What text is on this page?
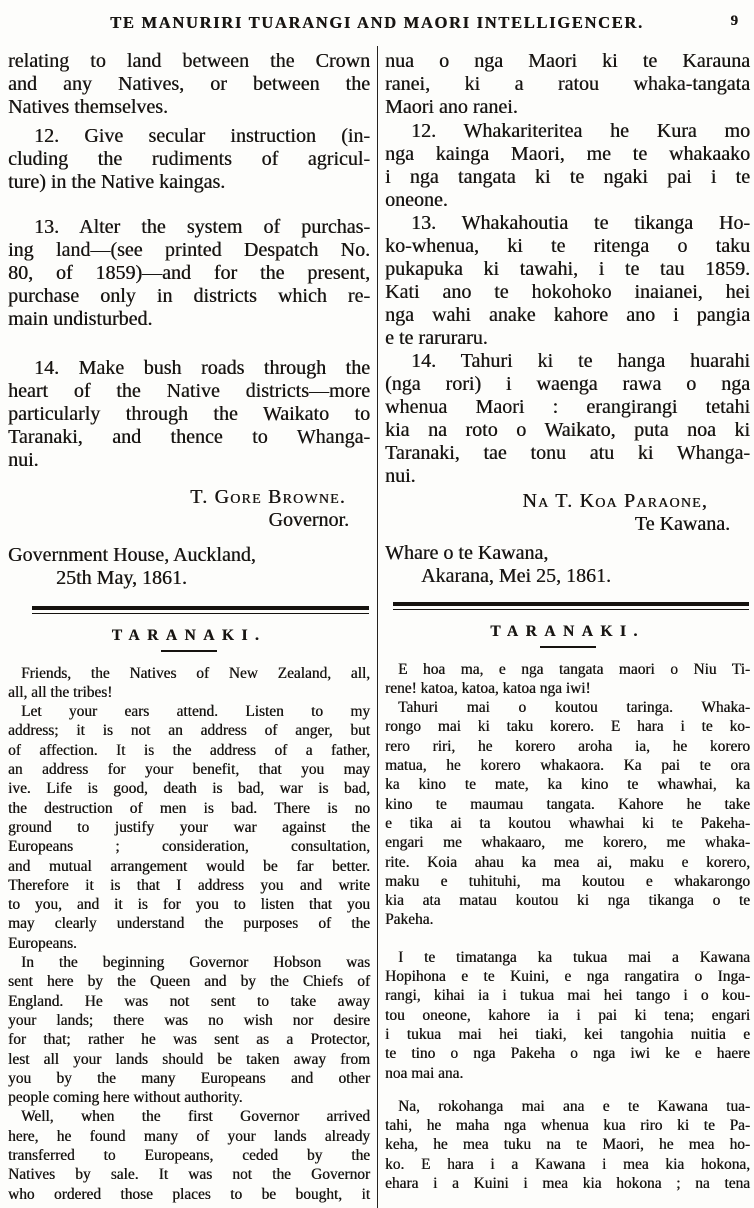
TE MANURIRI TUARANGI AND MAORI INTELLIGENCER.	9
relating to land between the Crown
and any Natives, or between the
Natives themselves.
12. Give secular instruction (in-
cluding the rudiments of agricul-
ture) in the Native kaingas.
13. Alter the system of purchas-
ing land—(see printed Despatch No.
80, of 1859)—and for the present,
purchase only in districts which re-
main undisturbed.
14. Make bush roads through the
heart of the Native districts—more
particularly through the Waikato to
Taranaki, and thence to Whanga-
nui.
T. Gore Browne.
Governor.
Government House, Auckland,
25th May, 1861.
TARANAKI.
Friends, the Natives of New Zealand, all,
all, all the tribes!
Let your ears attend. Listen to my
address; it is not an address of anger, but
of affection. It is the address of a father,
an address for your benefit, that you may
ive. Life is good, death is bad, war is bad,
the destruction of men is bad. There is no
ground to justify your war against the
Europeans ; consideration, consultation,
and mutual arrangement would be far better.
Therefore it is that I address you and write
to you, and it is for you to listen that you
may clearly understand the purposes of the
Europeans.
In the beginning Governor Hobson was
sent here by the Queen and by the Chiefs of
England. He was not sent to take away
your lands; there was no wish nor desire
for that; rather he was sent as a Protector,
lest all your lands should be taken away from
you by the many Europeans and other
people coming here without authority.
Well, when the first Governor arrived
here, he found many of your lands already
transferred to Europeans, ceded by the
Natives by sale. It was not the Governor
who ordered those places to be bought, it
nua o nga Maori ki te Karauna
ranei, ki a ratou whaka-tangata
Maori ano ranei.
12. Whakariteritea he Kura mo
nga kainga Maori, me te whakaako
i nga tangata ki te ngaki pai i te
oneone.
13. Whakahoutia te tikanga Ho-
ko-whenua, ki te ritenga o taku
pukapuka ki tawahi, i te tau 1859.
Kati ano te hokohoko inaianei, hei
nga wahi anake kahore ano i pangia
e te raruraru.
14. Tahuri ki te hanga huarahi
(nga rori) i waenga rawa o nga
whenua Maori : erangirangi tetahi
kia na roto o Waikato, puta noa ki
Taranaki, tae tonu atu ki Whanga-
nui.
Na T. Koa Paraone,
Te Kawana.
Whare o te Kawana,
Akarana, Mei 25, 1861.
TARANAKI.
E hoa ma, e nga tangata maori o Niu Ti-
rene! katoa, katoa, katoa nga iwi!
Tahuri mai o koutou taringa. Whaka-
rongo mai ki taku korero. E hara i te ko-
rero riri, he korero aroha ia, he korero
matua, he korero whakaora. Ka pai te ora
ka kino te mate, ka kino te whawhai, ka
kino te maumau tangata. Kahore he take
e tika ai ta koutou whawhai ki te Pakeha-
engari me whakaaro, me korero, me whaka-
rite. Koia ahau ka mea ai, maku e korero,
maku e tuhituhi, ma koutou e whakarongo
kia ata matau koutou ki nga tikanga o te
Pakeha.
I te timatanga ka tukua mai a Kawana
Hopihona e te Kuini, e nga rangatira o Inga-
rangi, kihai ia i tukua mai hei tango i o kou-
tou oneone, kahore ia i pai ki tena; engari
i tukua mai hei tiaki, kei tangohia nuitia e
te tino o nga Pakeha o nga iwi ke e haere
noa mai ana.
Na, rokohanga mai ana e te Kawana tua-
tahi, he maha nga whenua kua riro ki te Pa-
keha, he mea tuku na te Maori, he mea ho-
ko. E hara i a Kawana i mea kia hokona,
ehara i a Kuini i mea kia hokona ; na tena
